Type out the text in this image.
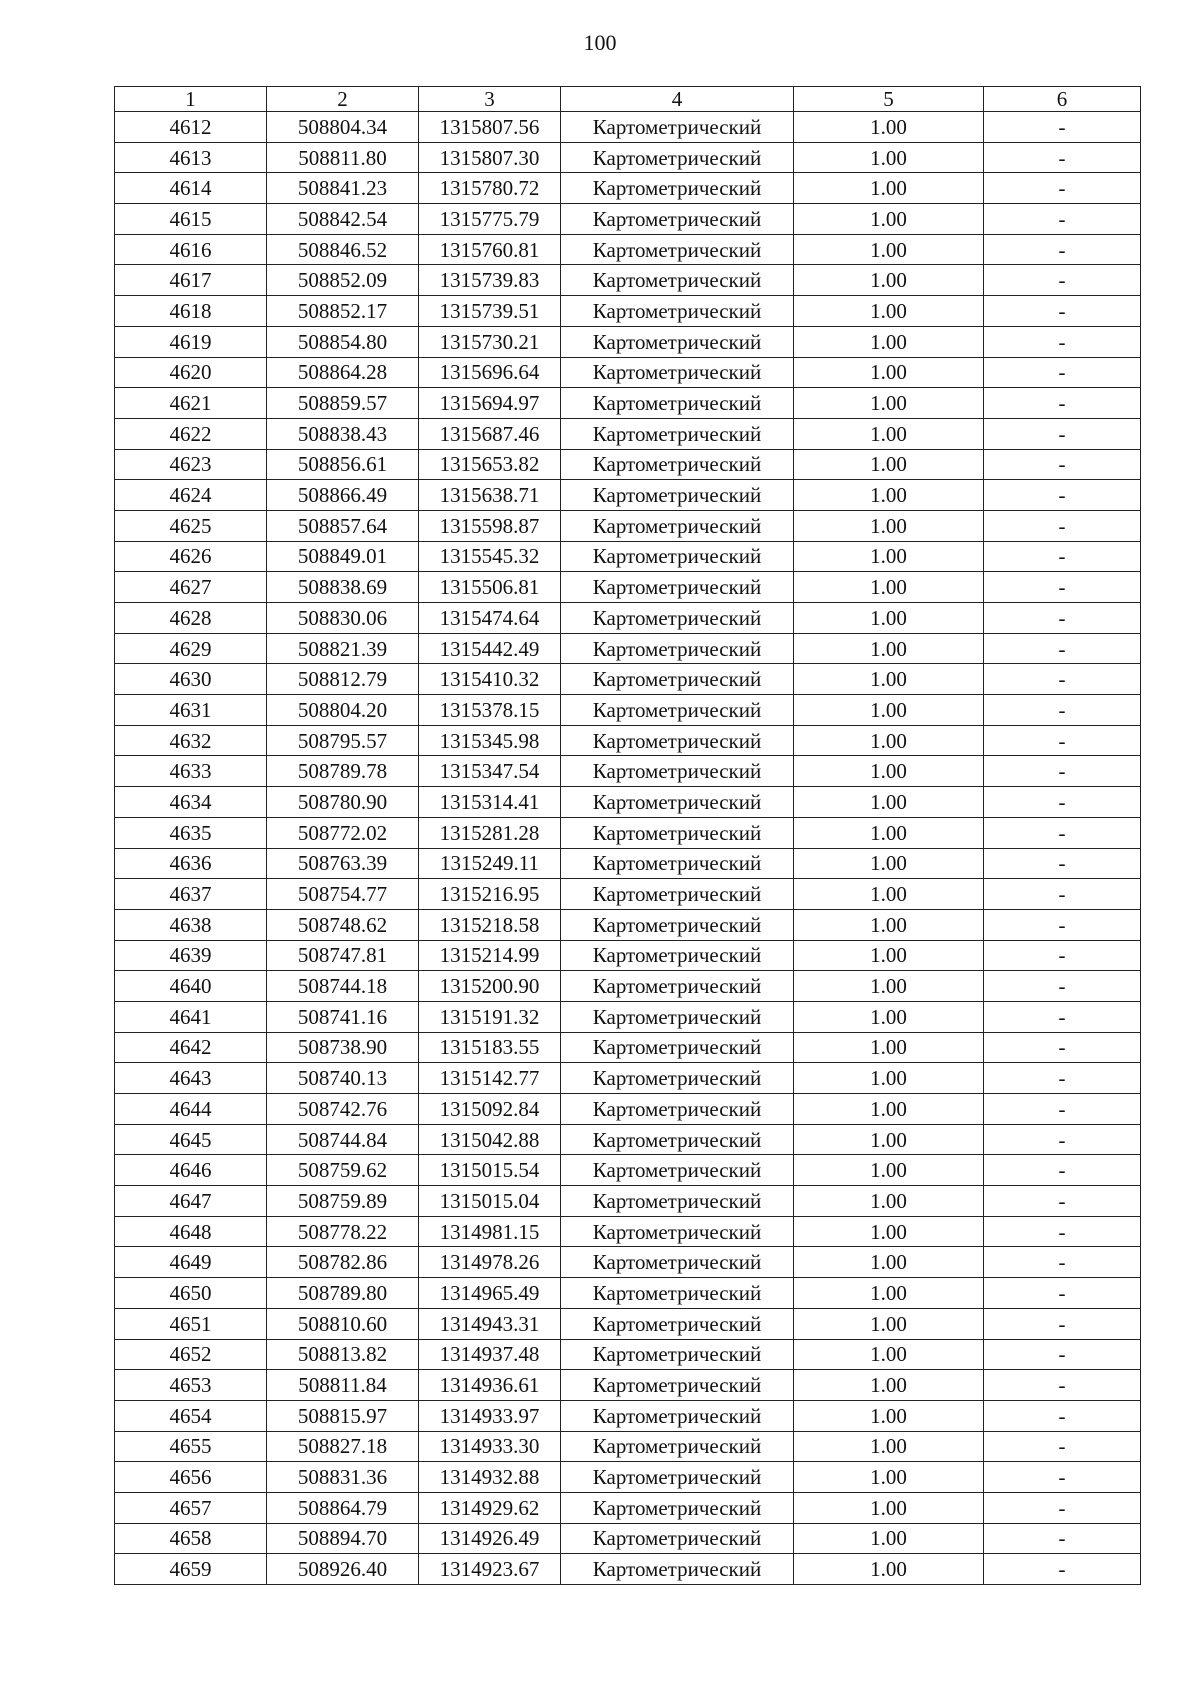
100
1	2	3	4	5	6
4612	508804.34	1315807.56	Картометрический	1.00	-
4613	508811.80	1315807.30	Картометрический	1.00	-
4614	508841.23	1315780.72	Картометрический	1.00	-
4615	508842.54	1315775.79	Картометрический	1.00	-
4616	508846.52	1315760.81	Картометрический	1.00	-
4617	508852.09	1315739.83	Картометрический	1.00	-
4618	508852.17	1315739.51	Картометрический	1.00	-
4619	508854.80	1315730.21	Картометрический	1.00	-
4620	508864.28	1315696.64	Картометрический	1.00	-
4621	508859.57	1315694.97	Картометрический	1.00	-
4622	508838.43	1315687.46	Картометрический	1.00	-
4623	508856.61	1315653.82	Картометрический	1.00	-
4624	508866.49	1315638.71	Картометрический	1.00	-
4625	508857.64	1315598.87	Картометрический	1.00	-
4626	508849.01	1315545.32	Картометрический	1.00	-
4627	508838.69	1315506.81	Картометрический	1.00	-
4628	508830.06	1315474.64	Картометрический	1.00	-
4629	508821.39	1315442.49	Картометрический	1.00	-
4630	508812.79	1315410.32	Картометрический	1.00	-
4631	508804.20	1315378.15	Картометрический	1.00	-
4632	508795.57	1315345.98	Картометрический	1.00	-
4633	508789.78	1315347.54	Картометрический	1.00	-
4634	508780.90	1315314.41	Картометрический	1.00	-
4635	508772.02	1315281.28	Картометрический	1.00	-
4636	508763.39	1315249.11	Картометрический	1.00	-
4637	508754.77	1315216.95	Картометрический	1.00	-
4638	508748.62	1315218.58	Картометрический	1.00	-
4639	508747.81	1315214.99	Картометрический	1.00	-
4640	508744.18	1315200.90	Картометрический	1.00	-
4641	508741.16	1315191.32	Картометрический	1.00	-
4642	508738.90	1315183.55	Картометрический	1.00	-
4643	508740.13	1315142.77	Картометрический	1.00	-
4644	508742.76	1315092.84	Картометрический	1.00	-
4645	508744.84	1315042.88	Картометрический	1.00	-
4646	508759.62	1315015.54	Картометрический	1.00	-
4647	508759.89	1315015.04	Картометрический	1.00	-
4648	508778.22	1314981.15	Картометрический	1.00	-
4649	508782.86	1314978.26	Картометрический	1.00	-
4650	508789.80	1314965.49	Картометрический	1.00	-
4651	508810.60	1314943.31	Картометрический	1.00	-
4652	508813.82	1314937.48	Картометрический	1.00	-
4653	508811.84	1314936.61	Картометрический	1.00	-
4654	508815.97	1314933.97	Картометрический	1.00	-
4655	508827.18	1314933.30	Картометрический	1.00	-
4656	508831.36	1314932.88	Картометрический	1.00	-
4657	508864.79	1314929.62	Картометрический	1.00	-
4658	508894.70	1314926.49	Картометрический	1.00	-
4659	508926.40	1314923.67	Картометрический	1.00	-
